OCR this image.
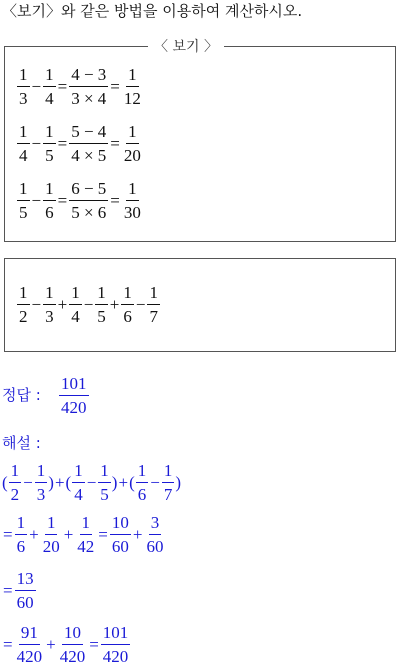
〈보기〉와 같은 방법을 이용하여 계산하시오.
〈 보기 〉
$\frac{1}{3} - \frac{1}{4} = \frac{4 - 3}{3 \times 4} = \frac{1}{12}$
$\frac{1}{4} - \frac{1}{5} = \frac{5 - 4}{4 \times 5} = \frac{1}{20}$
$\frac{1}{5} - \frac{1}{6} = \frac{6 - 5}{5 \times 6} = \frac{1}{30}$
$\frac{1}{2} - \frac{1}{3} + \frac{1}{4} - \frac{1}{5} + \frac{1}{6} - \frac{1}{7}$
정답 : $\frac{101}{420}$
해설 :
( $\frac{1}{2} - \frac{1}{3}$ ) + ( $\frac{1}{4} - \frac{1}{5}$ ) + ( $\frac{1}{6} - \frac{1}{7}$ )
= $\frac{1}{6} + \frac{1}{20} + \frac{1}{42} = \frac{10}{60} + \frac{3}{60}$
= $\frac{13}{60}$
= $\frac{91}{420} + \frac{10}{420} = \frac{101}{420}$
